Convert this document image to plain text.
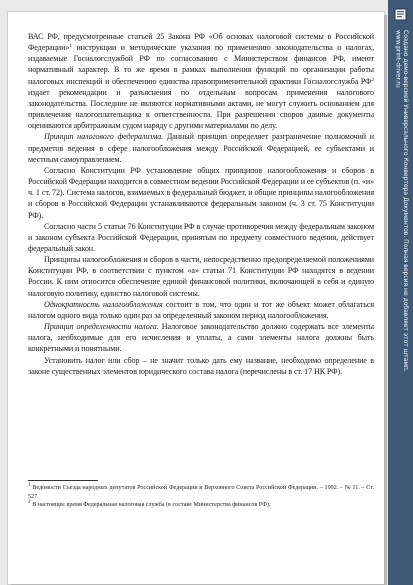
ВАС РФ, предусмотренные статьей 25 Закона РФ «Об основах налоговой системы в Российской Федерации»$^1$ инструкции и методические указания по применению законодательства о налогах, издаваемые Госналогслужбой РФ по согласованию с Министерством финансов РФ, имеют нормативный характер. В то же время в рамках выполнения функций по организации работы налоговых инспекций и обеспечению единства правоприменительной практики Госналогслужба $РФ^2$ издает рекомендации и разъяснения по отдельным вопросам применения налогового законодательства. Последние не являются нормативными актами, не могут служить основанием для привлечения налогоплательщика к ответственности. При разрешении споров данные документы оцениваются арбитражным судом наряду с другими материалами по делу.

Принцип налогового федерализма. Данный принцип определяет разграничение полномочий и предметов ведения в сфере налогообложения между Российской Федерацией, ее субъектами и местным самоуправлением.

Согласно Конституции РФ установление общих принципов налогообложения и сборов в Российской Федерации находится в совместном ведении Российской Федерации и ее субъектов (п. «и» ч. 1 ст. 72). Система налогов, взимаемых в федеральный бюджет, и общие принципы налогообложения и сборов в Российской Федерации устанавливаются федеральным законом (ч. 3 ст. 75 Конституции РФ).

Согласно части 5 статьи 76 Конституции РФ в случае противоречия между федеральным законом и законом субъекта Российской Федерации, принятым по предмету совместного ведения, действует федеральный закон.

Принципы налогообложения и сборов в части, непосредственно предопределяемой положениями Конституции РФ, в соответствии с пунктом «а» статьи 71 Конституции РФ находятся в ведении России. К ним относится обеспечение единой финансовой политики, включающей в себя и единую налоговую политику, единство налоговой системы.

Однократность налогообложения состоит в том, что один и тот же объект может облагаться налогом одного вида только один раз за определенный законом период налогообложения.

Принцип определенности налога. Налоговое законодательство должно содержать все элементы налога, необходимые для его исчисления и уплаты, а сами элементы налога должны быть конкретными и понятными.

Установить налог или сбор – не значит только дать ему название, необходимо определение в законе существенных элементов юридического состава налога (перечислены в ст. 17 НК РФ).

$^1$ Ведомости Съезда народных депутатов Российской Федерации и Верховного Совета Российской Федерации. – 1992. – № 11. – Ст. 527.

$^2$ В настоящее время Федеральная налоговая служба (в составе Министерства финансов РФ).

Создано демо-версией Универсального Конвертера Документов. Полная версия не добавляет этот штамп.
www.print-driver.ru
